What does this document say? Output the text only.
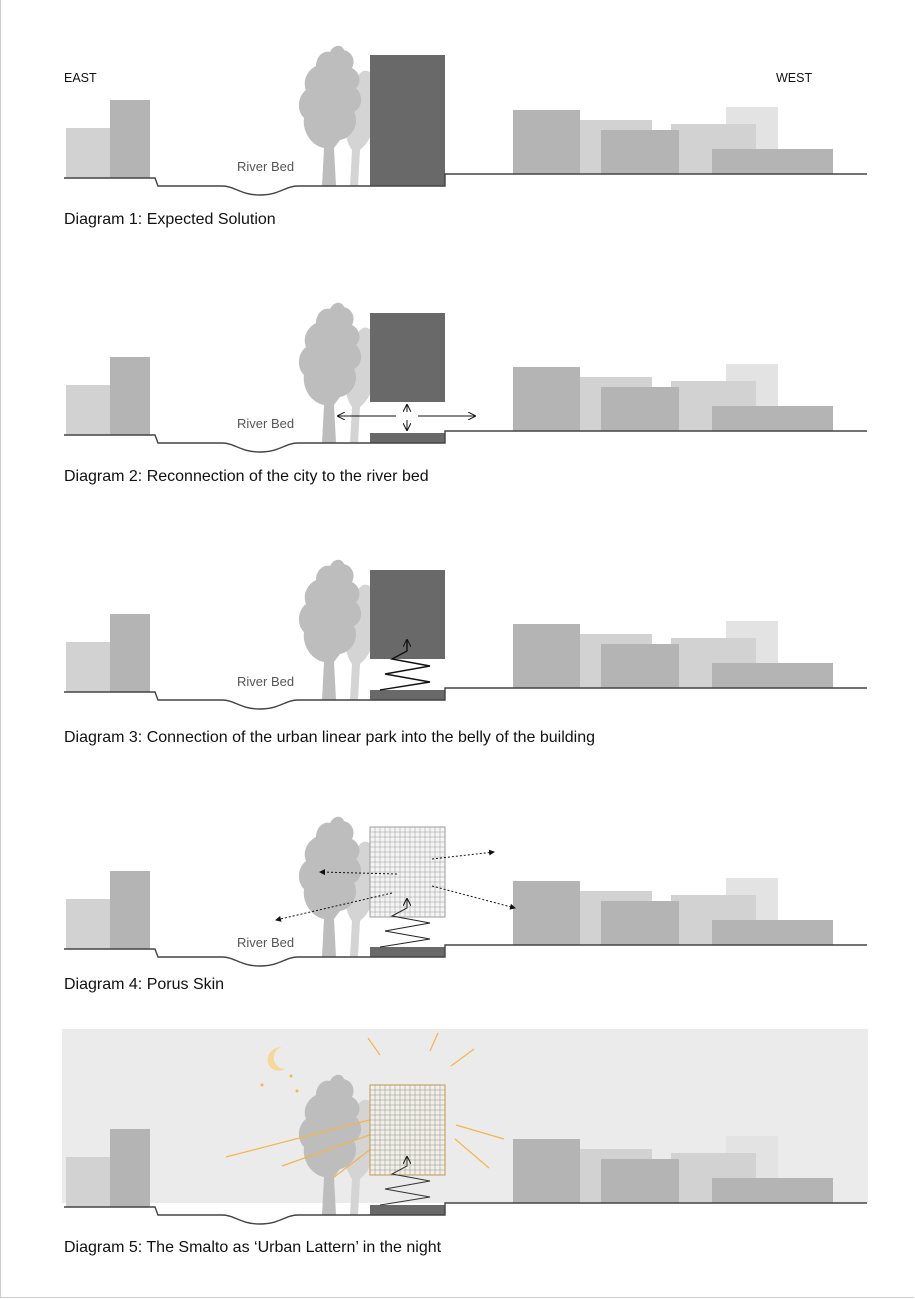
EAST	WEST
River Bed
Diagram 1: Expected Solution
River Bed
Diagram 2: Reconnection of the city to the river bed
River Bed
Diagram 3: Connection of the urban linear park into the belly of the building
River Bed
Diagram 4: Porus Skin
Diagram 5: The Smalto as ‘Urban Lattern’ in the night
